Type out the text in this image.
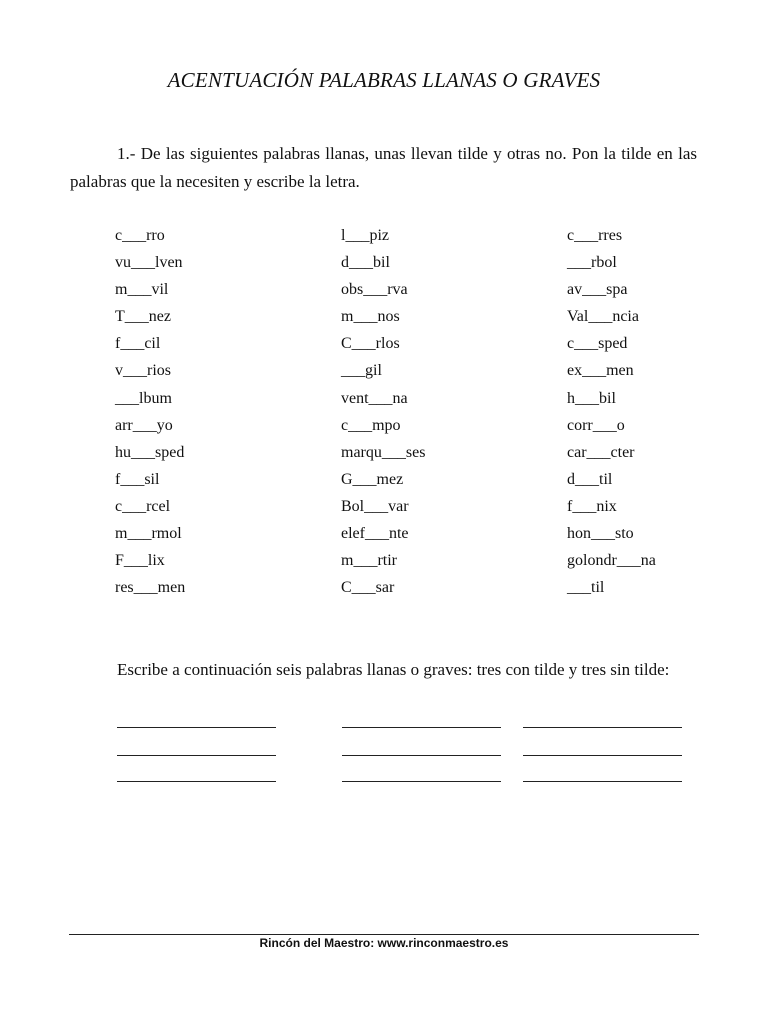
ACENTUACIÓN PALABRAS LLANAS O GRAVES

1.- De las siguientes palabras llanas, unas llevan tilde y otras no. Pon la tilde en las palabras que la necesiten y escribe la letra.

c___rro
vu___lven
m___vil
T___nez
f___cil
v___rios
___lbum
arr___yo
hu___sped
f___sil
c___rcel
m___rmol
F___lix
res___men
l___piz
d___bil
obs___rva
m___nos
C___rlos
___gil
vent___na
c___mpo
marqu___ses
G___mez
Bol___var
elef___nte
m___rtir
C___sar
c___rres
___rbol
av___spa
Val___ncia
c___sped
ex___men
h___bil
corr___o
car___cter
d___til
f___nix
hon___sto
golondr___na
___til

Escribe a continuación seis palabras llanas o graves: tres con tilde y tres sin tilde:

Rincón del Maestro: www.rinconmaestro.es
